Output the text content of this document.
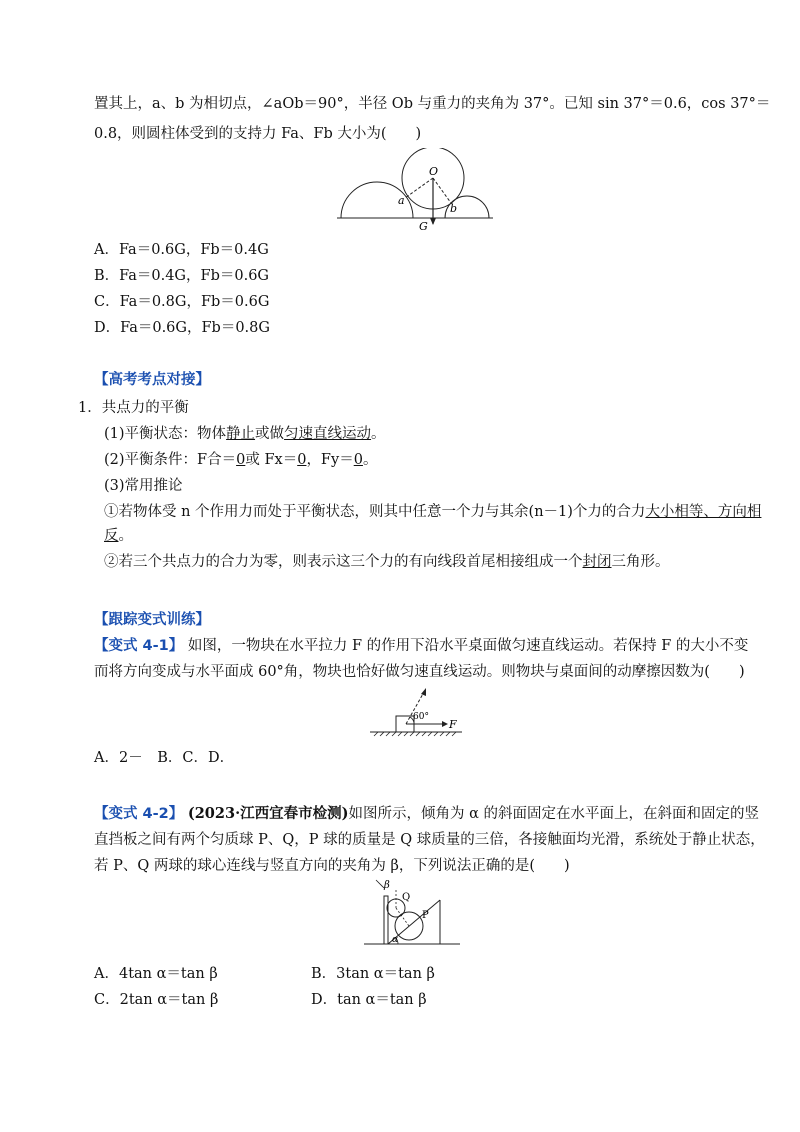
置其上，a、b 为相切点，∠aOb＝90°，半径 Ob 与重力的夹角为 37°。已知 sin 37°＝0.6，cos 37°＝
0.8，则圆柱体受到的支持力 Fa、Fb 大小为(　　)
O
a
b
G
A．Fa＝0.6G，Fb＝0.4G
B．Fa＝0.4G，Fb＝0.6G
C．Fa＝0.8G，Fb＝0.6G
D．Fa＝0.6G，Fb＝0.8G
【高考考点对接】
1．共点力的平衡
(1)平衡状态：物体静止或做匀速直线运动。
(2)平衡条件：F合＝0或 Fx＝0，Fy＝0。
(3)常用推论
①若物体受 n 个作用力而处于平衡状态，则其中任意一个力与其余(n－1)个力的合力大小相等、方向相
反。
②若三个共点力的合力为零，则表示这三个力的有向线段首尾相接组成一个封闭三角形。
【跟踪变式训练】
【变式 4-1】 如图，一物块在水平拉力 F 的作用下沿水平桌面做匀速直线运动。若保持 F 的大小不变
而将方向变成与水平面成 60°角，物块也恰好做匀速直线运动。则物块与桌面间的动摩擦因数为(　　)
60°
F
A．2－　B．C．D．
【变式 4-2】 (2023·江西宜春市检测)如图所示，倾角为 α 的斜面固定在水平面上，在斜面和固定的竖
直挡板之间有两个匀质球 P、Q，P 球的质量是 Q 球质量的三倍，各接触面均光滑，系统处于静止状态，
若 P、Q 两球的球心连线与竖直方向的夹角为 β，下列说法正确的是(　　)
β
Q
P
α
A．4tan α＝tan β	B．3tan α＝tan β
C．2tan α＝tan β	D．tan α＝tan β
